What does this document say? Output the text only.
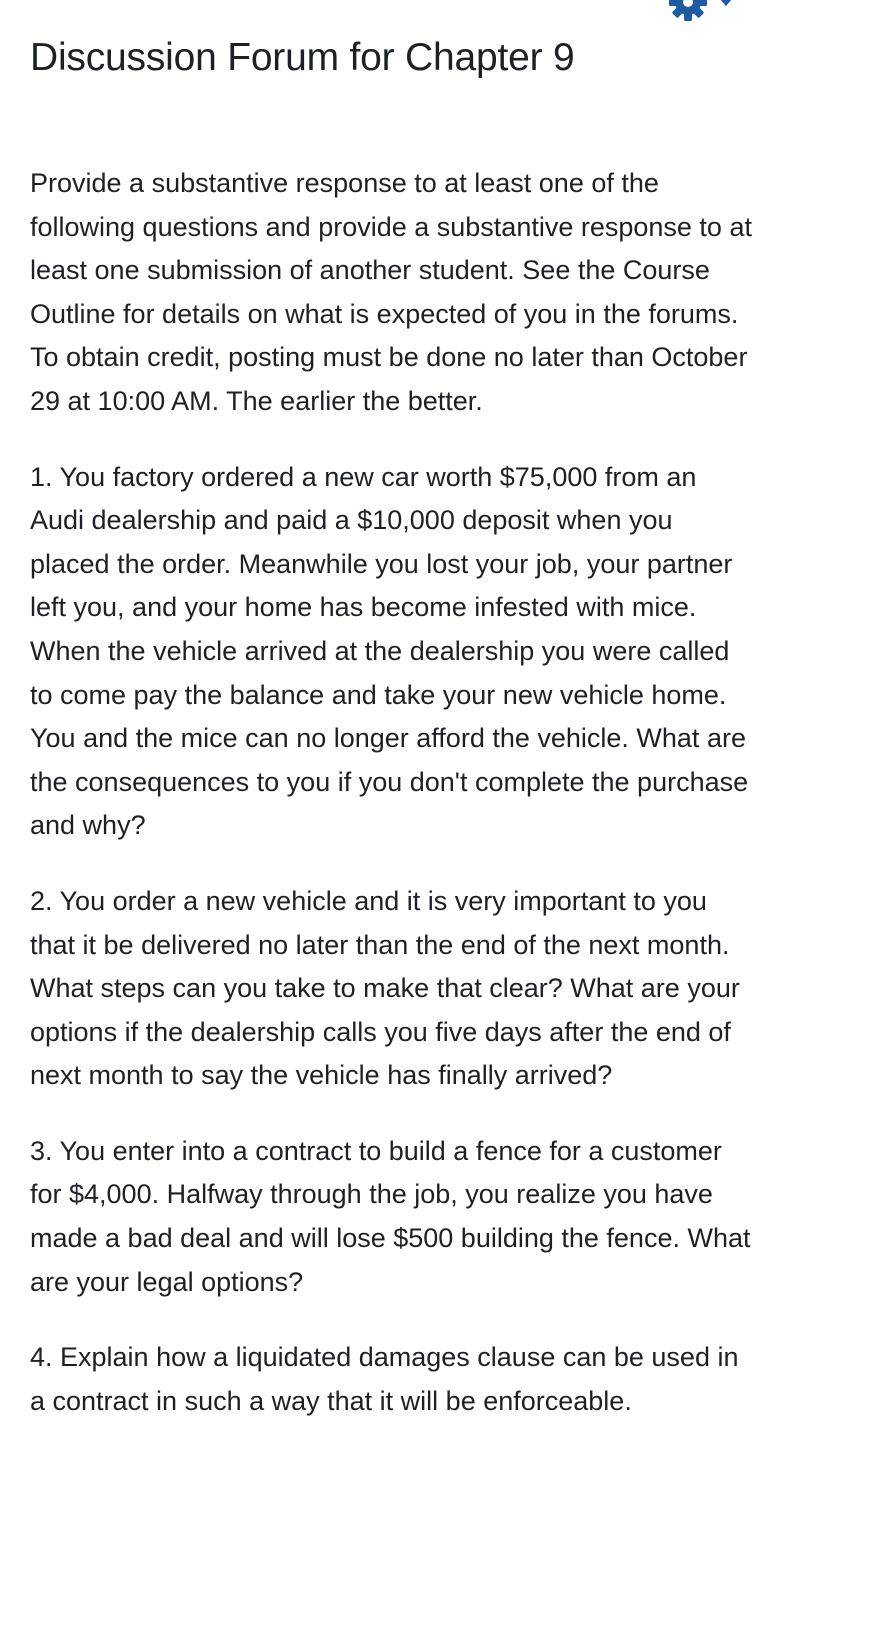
Discussion Forum for Chapter 9

Provide a substantive response to at least one of the following questions and provide a substantive response to at least one submission of another student. See the Course Outline for details on what is expected of you in the forums. To obtain credit, posting must be done no later than October 29 at 10:00 AM. The earlier the better.

1. You factory ordered a new car worth $75,000 from an Audi dealership and paid a $10,000 deposit when you placed the order. Meanwhile you lost your job, your partner left you, and your home has become infested with mice. When the vehicle arrived at the dealership you were called to come pay the balance and take your new vehicle home. You and the mice can no longer afford the vehicle. What are the consequences to you if you don't complete the purchase and why?

2. You order a new vehicle and it is very important to you that it be delivered no later than the end of the next month. What steps can you take to make that clear? What are your options if the dealership calls you five days after the end of next month to say the vehicle has finally arrived?

3. You enter into a contract to build a fence for a customer for $4,000. Halfway through the job, you realize you have made a bad deal and will lose $500 building the fence. What are your legal options?

4. Explain how a liquidated damages clause can be used in a contract in such a way that it will be enforceable.
